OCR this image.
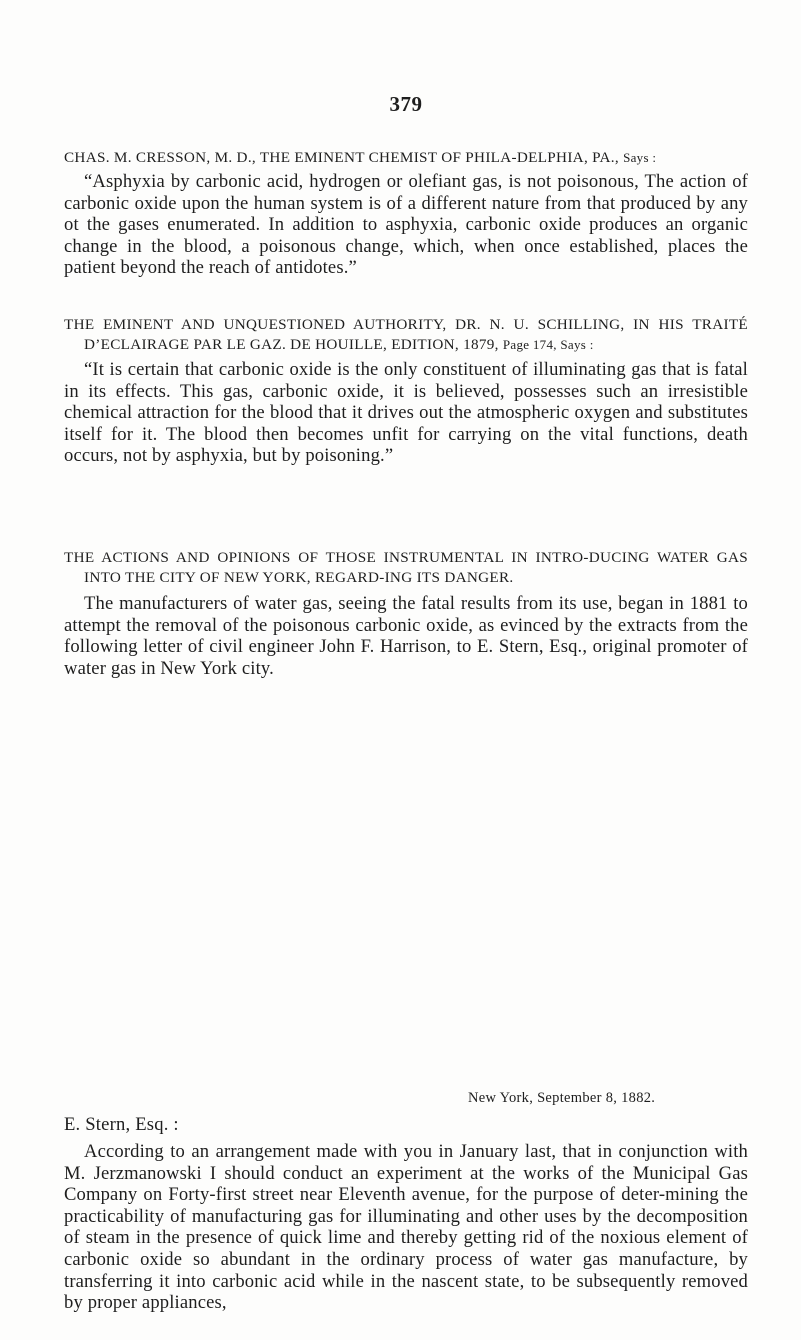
379

CHAS. M. CRESSON, M. D., THE EMINENT CHEMIST OF PHILA-DELPHIA, PA., Says :

“Asphyxia by carbonic acid, hydrogen or olefiant gas, is not poisonous, The action of carbonic oxide upon the human system is of a different nature from that produced by any ot the gases enumerated. In addition to asphyxia, carbonic oxide produces an organic change in the blood, a poisonous change, which, when once established, places the patient beyond the reach of antidotes.”

THE EMINENT AND UNQUESTIONED AUTHORITY, DR. N. U. SCHILLING, IN HIS TRAITÉ D’ECLAIRAGE PAR LE GAZ. DE HOUILLE, EDITION, 1879, Page 174, Says :

“It is certain that carbonic oxide is the only constituent of illuminating gas that is fatal in its effects. This gas, carbonic oxide, it is believed, possesses such an irresistible chemical attraction for the blood that it drives out the atmospheric oxygen and substitutes itself for it. The blood then becomes unfit for carrying on the vital functions, death occurs, not by asphyxia, but by poisoning.”

THE ACTIONS AND OPINIONS OF THOSE INSTRUMENTAL IN INTRO-DUCING WATER GAS INTO THE CITY OF NEW YORK, REGARD-ING ITS DANGER.

The manufacturers of water gas, seeing the fatal results from its use, began in 1881 to attempt the removal of the poisonous carbonic oxide, as evinced by the extracts from the following letter of civil engineer John F. Harrison, to E. Stern, Esq., original promoter of water gas in New York city.

New York, September 8, 1882.
E. Stern, Esq. :

According to an arrangement made with you in January last, that in conjunction with M. Jerzmanowski I should conduct an experiment at the works of the Municipal Gas Company on Forty-first street near Eleventh avenue, for the purpose of deter-mining the practicability of manufacturing gas for illuminating and other uses by the decomposition of steam in the presence of quick lime and thereby getting rid of the noxious element of carbonic oxide so abundant in the ordinary process of water gas manufacture, by transferring it into carbonic acid while in the nascent state, to be subsequently removed by proper appliances,
